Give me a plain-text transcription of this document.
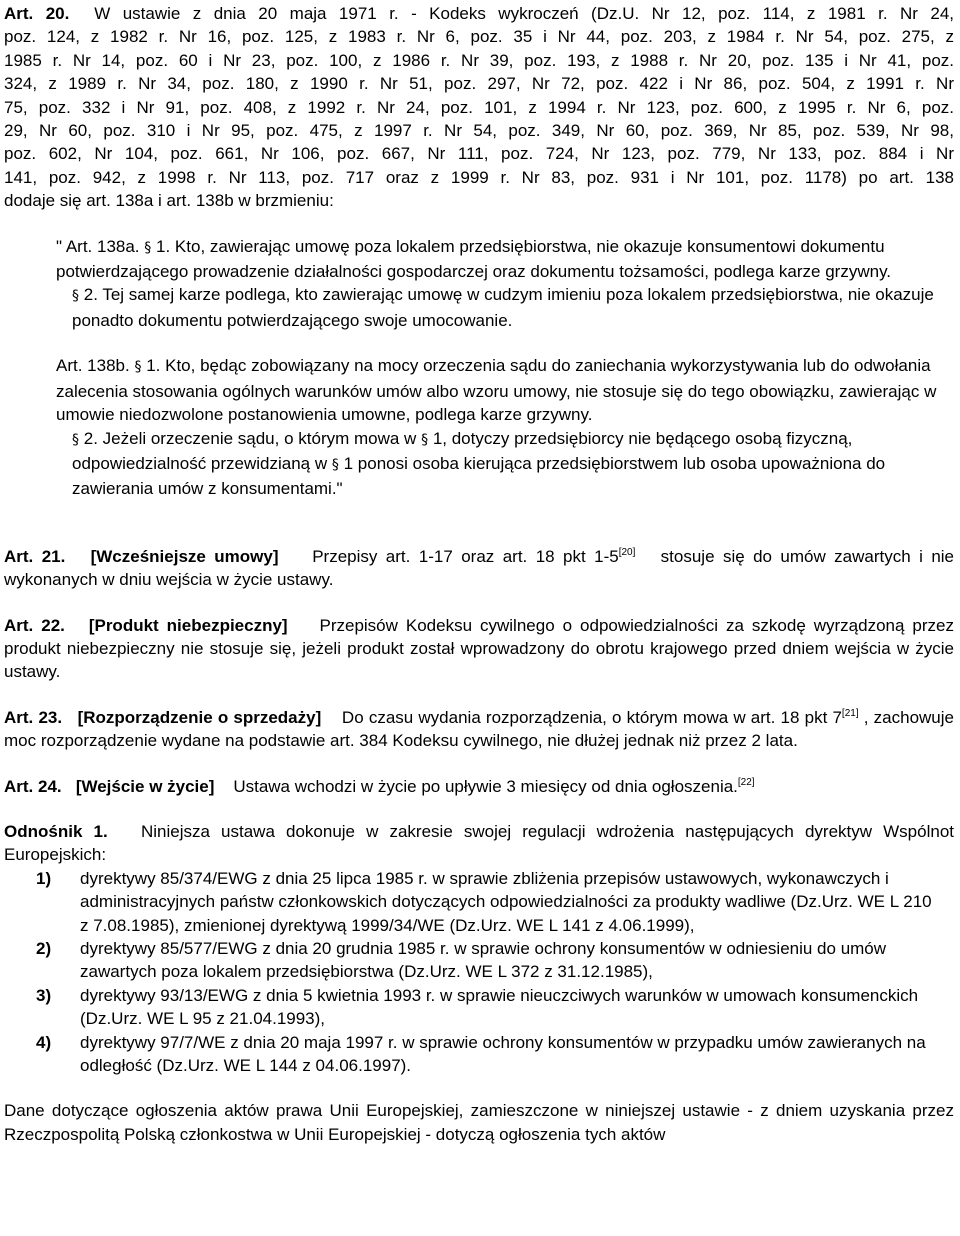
Art. 20. W ustawie z dnia 20 maja 1971 r. - Kodeks wykroczeń (Dz.U. Nr 12, poz. 114, z 1981 r. Nr 24,
poz. 124, z 1982 r. Nr 16, poz. 125, z 1983 r. Nr 6, poz. 35 i Nr 44, poz. 203, z 1984 r. Nr 54, poz. 275, z
1985 r. Nr 14, poz. 60 i Nr 23, poz. 100, z 1986 r. Nr 39, poz. 193, z 1988 r. Nr 20, poz. 135 i Nr 41, poz.
324, z 1989 r. Nr 34, poz. 180, z 1990 r. Nr 51, poz. 297, Nr 72, poz. 422 i Nr 86, poz. 504, z 1991 r. Nr
75, poz. 332 i Nr 91, poz. 408, z 1992 r. Nr 24, poz. 101, z 1994 r. Nr 123, poz. 600, z 1995 r. Nr 6, poz.
29, Nr 60, poz. 310 i Nr 95, poz. 475, z 1997 r. Nr 54, poz. 349, Nr 60, poz. 369, Nr 85, poz. 539, Nr 98,
poz. 602, Nr 104, poz. 661, Nr 106, poz. 667, Nr 111, poz. 724, Nr 123, poz. 779, Nr 133, poz. 884 i Nr
141, poz. 942, z 1998 r. Nr 113, poz. 717 oraz z 1999 r. Nr 83, poz. 931 i Nr 101, poz. 1178) po art. 138
dodaje się art. 138a i art. 138b w brzmieniu:
" Art. 138a. § 1. Kto, zawierając umowę poza lokalem przedsiębiorstwa, nie okazuje konsumentowi dokumentu potwierdzającego prowadzenie działalności gospodarczej oraz dokumentu tożsamości, podlega karze grzywny.
§ 2. Tej samej karze podlega, kto zawierając umowę w cudzym imieniu poza lokalem przedsiębiorstwa, nie okazuje ponadto dokumentu potwierdzającego swoje umocowanie.
Art. 138b. § 1. Kto, będąc zobowiązany na mocy orzeczenia sądu do zaniechania wykorzystywania lub do odwołania zalecenia stosowania ogólnych warunków umów albo wzoru umowy, nie stosuje się do tego obowiązku, zawierając w umowie niedozwolone postanowienia umowne, podlega karze grzywny.
§ 2. Jeżeli orzeczenie sądu, o którym mowa w § 1, dotyczy przedsiębiorcy nie będącego osobą fizyczną, odpowiedzialność przewidzianą w § 1 ponosi osoba kierująca przedsiębiorstwem lub osoba upoważniona do zawierania umów z konsumentami."
Art. 21. [Wcześniejsze umowy] Przepisy art. 1-17 oraz art. 18 pkt 1-5[20] stosuje się do umów zawartych i nie wykonanych w dniu wejścia w życie ustawy.
Art. 22. [Produkt niebezpieczny] Przepisów Kodeksu cywilnego o odpowiedzialności za szkodę wyrządzoną przez produkt niebezpieczny nie stosuje się, jeżeli produkt został wprowadzony do obrotu krajowego przed dniem wejścia w życie ustawy.
Art. 23. [Rozporządzenie o sprzedaży] Do czasu wydania rozporządzenia, o którym mowa w art. 18 pkt 7[21] , zachowuje moc rozporządzenie wydane na podstawie art. 384 Kodeksu cywilnego, nie dłużej jednak niż przez 2 lata.
Art. 24. [Wejście w życie] Ustawa wchodzi w życie po upływie 3 miesięcy od dnia ogłoszenia.[22]
Odnośnik 1. Niniejsza ustawa dokonuje w zakresie swojej regulacji wdrożenia następujących dyrektyw Wspólnot Europejskich:
1)	dyrektywy 85/374/EWG z dnia 25 lipca 1985 r. w sprawie zbliżenia przepisów ustawowych, wykonawczych i administracyjnych państw członkowskich dotyczących odpowiedzialności za produkty wadliwe (Dz.Urz. WE L 210 z 7.08.1985), zmienionej dyrektywą 1999/34/WE (Dz.Urz. WE L 141 z 4.06.1999),
2)	dyrektywy 85/577/EWG z dnia 20 grudnia 1985 r. w sprawie ochrony konsumentów w odniesieniu do umów zawartych poza lokalem przedsiębiorstwa (Dz.Urz. WE L 372 z 31.12.1985),
3)	dyrektywy 93/13/EWG z dnia 5 kwietnia 1993 r. w sprawie nieuczciwych warunków w umowach konsumenckich (Dz.Urz. WE L 95 z 21.04.1993),
4)	dyrektywy 97/7/WE z dnia 20 maja 1997 r. w sprawie ochrony konsumentów w przypadku umów zawieranych na odległość (Dz.Urz. WE L 144 z 04.06.1997).
Dane dotyczące ogłoszenia aktów prawa Unii Europejskiej, zamieszczone w niniejszej ustawie - z dniem uzyskania przez Rzeczpospolitą Polską członkostwa w Unii Europejskiej - dotyczą ogłoszenia tych aktów
